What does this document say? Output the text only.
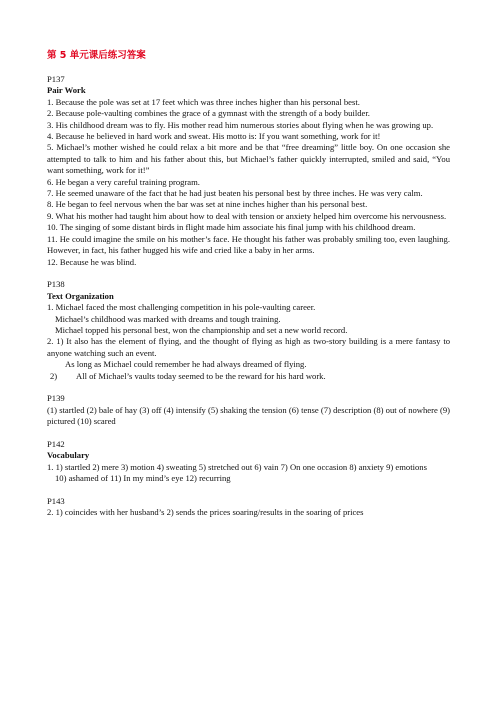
第 5 单元课后练习答案

P137

Pair Work

1. Because the pole was set at 17 feet which was three inches higher than his personal best.

2. Because pole-vaulting combines the grace of a gymnast with the strength of a body builder.

3. His childhood dream was to fly. His mother read him numerous stories about flying when he was growing up.

4. Because he believed in hard work and sweat. His motto is: If you want something, work for it!

5. Michael’s mother wished he could relax a bit more and be that “free dreaming” little boy. On one occasion she attempted to talk to him and his father about this, but Michael’s father quickly interrupted, smiled and said, “You want something, work for it!”

6. He began a very careful training program.

7. He seemed unaware of the fact that he had just beaten his personal best by three inches. He was very calm.

8. He began to feel nervous when the bar was set at nine inches higher than his personal best.

9. What his mother had taught him about how to deal with tension or anxiety helped him overcome his nervousness.

10. The singing of some distant birds in flight made him associate his final jump with his childhood dream.

11. He could imagine the smile on his mother’s face. He thought his father was probably smiling too, even laughing. However, in fact, his father hugged his wife and cried like a baby in her arms.

12. Because he was blind.

P138

Text Organization

1. Michael faced the most challenging competition in his pole-vaulting career.

Michael’s childhood was marked with dreams and tough training.

Michael topped his personal best, won the championship and set a new world record.

2. 1) It also has the element of flying, and the thought of flying as high as two-story building is a mere fantasy to anyone watching such an event.

As long as Michael could remember he had always dreamed of flying.

2) All of Michael’s vaults today seemed to be the reward for his hard work.

P139

(1) startled (2) bale of hay (3) off (4) intensify (5) shaking the tension (6) tense (7) description (8) out of nowhere (9) pictured (10) scared

P142

Vocabulary

1. 1) startled 2) mere 3) motion 4) sweating 5) stretched out 6) vain 7) On one occasion 8) anxiety 9) emotions

10) ashamed of 11) In my mind’s eye 12) recurring

P143

2. 1) coincides with her husband’s 2) sends the prices soaring/results in the soaring of prices
